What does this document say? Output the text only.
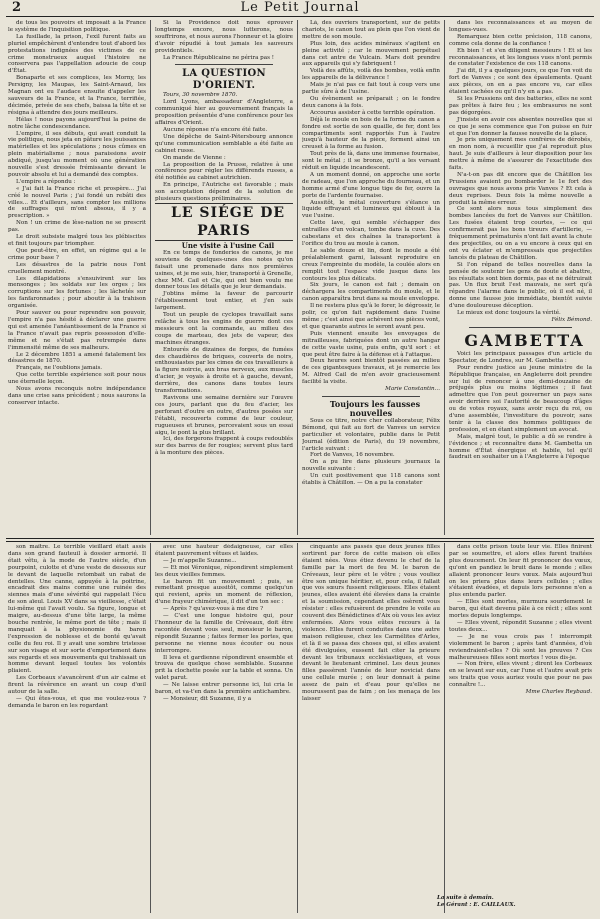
2	Le Petit Journal

de tous les pouvoirs et imposait à la France le système de l'inquisition politique.

La fusillade, la prison, l'exil furent faits au pluriel empêchèrent d'entendre tout d'abord les protestations indignées des victimes de ce crime monstrueux auquel l'histoire ne conservera pas l'appellation adoucie de coup d'État.

Bonaparte et ses complices, les Morny, les Persigny, les Maupas, les Saint-Arnaud, les Magnan ont eu l'audace ensuite d'appeler les sauveurs de la France, et la France, terrifiée, décimée, privée de ses chefs, baissa la tête et se résigna à attendre des jours meilleurs.

Hélas ! nous payons aujourd'hui la peine de notre lâche condescendance.

L'empire, il ses débuts, qui avait conduit la vie politique, nous jeta en pâture les jouissances matérielles et les spéculations ; nous cûmes en plein matérialisme ; nous paraissions avoir abdiqué, jusqu'au moment où une génération nouvelle s'est dressée frémissante devant le pouvoir absolu et lui a demandé des comptes.

L'empire a répondu :

« J'ai fait la France riche et prospère... J'ai créé le nouvel Paris ; j'ai fondé un rebâti des villes... Et d'ailleurs, sans compter les millions de suffrages qui m'ont absous, il y a prescription. »

Non ! un crime de lèse-nation ne se prescrit pas.

Le droit subsiste malgré tous les plébiscites et finit toujours par triompher.

Que peut-être, en effet, un régime qui a le crime pour base ?

Les désastres de la patrie nous l'ont cruellement montré.

Les dilapidations s'ensuivirent sur les mensonges ; les soldats sur les orges ; les corruptions sur les fortunes ; les lâchetés sur les fanfaronnades ; pour aboutir à la trahison organisée.

Pour sauver ou pour reprendre son pouvoir, l'empire n'a pas hésité à déclarer une guerre qui est amenée l'anéantissement de la France si la France n'avait pas repris possession d'elle-même et ne s'était pas retrempée dans l'immensité même de ses malheurs.

Le 2 décembre 1851 a amené fatalement les désastres de 1870.

Français, ne l'oublions jamais.

Que cette terrible expérience soit pour nous une éternelle leçon.

Nous avons reconquis notre indépendance dans une crise sans précédent ; nous saurons la conserver intacte.

Si la Providence doit nous éprouver longtemps encore, nous lutterons, nous souffrirons, et nous aurons l'honneur et la gloire d'avoir répudié à tout jamais les sauveurs providentiels.

La France Républicaine ne périra pas !

LA QUESTION D'ORIENT.

Tours, 30 novembre 1870.

Lord Lyons, ambassadeur d'Angleterre, a communiqué hier au gouvernement français la proposition présentée d'une conférence pour les affaires d'Orient.

Aucune réponse n'a encore été faite.

Une dépêche de Saint-Pétersbourg annonce qu'une communication semblable a été faite au cabinet russe.

On mande de Vienne :

La proposition de la Prusse, relative à une conférence pour régler les différends russes, a été notifiée au cabinet autrichien.

En principe, l'Autriche est favorable ; mais son acceptation dépend de la solution de plusieurs questions préliminaires.

LE SIÉGE DE PARIS

Une visite à l'usine Cail

En ce temps de fonderies de canons, je me souviens de quelques-unes des notes qu'on faisait une promenade dans nos premières usines, et je me suis, hier, transporté à Grenelle, chez MM. Cail et Cie, qui ont bien voulu me donner tous les détails que je leur demandais.

J'obtins même la faveur de parcourir l'établissement tout entier, et j'en sais largement.

Tout un peuple de cyclopes travaillait sans relâche à tous les engins de guerre dont ces messieurs ont la commande, au milieu des coups de marteau, des jets de vapeur, des machines étranges.

Entourés de dizaines de forges, de fumées des chaudières de briques, couverts de noirs, enthousiastes par les cimes de ces travailleurs à la figure noircie, aux bras nerveux, aux muscles d'acier, je voyais à droite et à gauche, devant, derrière, des canons dans toutes leurs transformations.

Ravivons une semaine dernière sur l'œuvre ces jours, parlant que du feu d'acier, les perforant d'outre en outre, d'autres posées sur l'établi, recouverts comme de leur couleur, rugueuses et brunes, percevaient sous un essai aigu, le pont la plus brillant.

Ici, des forgerons frappent à coups redoublés sur des barres de fer rougies; servent plus tard à la monture des pièces.

Là, des ouvriers transportent, sur de petits chariots, le canon tout au plein que l'on vient de mettre de son moule.

Plus loin, des acides minéraux s'agitent en pleine activité ; car le mouvement perpétuel dans cet antre de Vulcain. Mars doit prendre aux appareils qui s'y fabriquent !

Voilà des affûts, voilà des bombes, voilà enfin les appareils de la délivrance !

Mais je n'ai pas ce fait tout à coup vers une partie sûre à de l'usine.

Ou évènement se préparait ; on le fondre deux canons à la fois.

Accourus assister à cette terrible opération.

Déjà le moule en bois de la forme du canon a fondre est sortie de son quaille, de fer, dont les compartiments sont rapportés l'un à l'autre jusqu'à hauteur de la pièce, forment ainsi un creuset à la forme au fusion.

Tout près de là, dans une immense fournaise, sont le métal ; il se bronze, qu'il a les versant réduit en liquide incandescent.

A un moment donné, on approche une sorte de radeau, que l'on approche du fourneau, et un homme armé d'une longue tige de fer, ouvre la porte de l'ardente fournaise.

Aussitôt, le métal couverture s'élance un liquide effrayant et lumineux qui éblouit à la vue l'usine.

Cette lave, qui semble s'échapper des entrailles d'un volcan, tombe dans la cuve. Des cabestans et des chaînes la transportent à l'orifice du trou au moule à canon.

Le sable douze et lin, dont le moule a été préalablement garni, laissant reproduire en creux l'empreinte du modèle, la coulée alors en remplit tout l'espace vide jusque dans les contours les plus délicats.

Six jours, le canon est fait ; demain on déchargera les compartiments du moule, et le canon apparaîtra brut dans sa moule enveloppe.

Il ne restera plus qu'à le forer, le dégrossir, le polir, ce qu'on fait rapidement dans l'usine même ; c'est ainsi que achèvent nos pièces vont, et que quarante autres le seront avant peu.

Puis viennent ensuite les envoyages de mitrailleuses, fabriquées dont un autre hangar de cette vaste usine, puis enfin, qu'il sort : et que peut être faire à la défense et à l'attaque.

Deux heures sont bientôt passées au milieu de ces gigantesques travaux, et je remercie les M. Alfred Cail de m'en avoir gracieusement facilité la visite.

Marie Constantin...

Toujours les fausses nouvelles

Sous ce titre, notre cher collaborateur, Félix Bémond, qui fait au fort de Vanves un service particulier et volontaire, publie dans le Petit Journal (édition de Paris), du 19 novembre, l'article suivant :

Fort de Vanves, 16 novembre.

On a pu lire dans plusieurs journaux la nouvelle suivante :

Un cuit positivement que 118 canons sont établis à Châtillon. — On a pu la constater

dans les reconnaissances et au moyen de longues-vues.

Remarquez bien cette précision, 118 canons, comme cela donne de la confiance !

Eh bien ! et s'en diligent messieurs ! Et si les reconnaissances, et les longues vues n'ont permis de constater l'existence de ces 118 canons.

J'ai dit, il y a quelques jours, ce que l'on voit du fort de Vanves ; ce sont des épaulements. Quant aux pièces, on en a pas encore vu, car elles étaient cachées ou qu'il n'y en a pas.

Si les Prussiens ont des batteries, elles ne sont pas prêtes à faire feu ; les embrasures ne sont pas dégorgées.

J'insiste en avoir ces absentes nouvelles que si ce que je sens commence que l'on puisse en fuir et que l'on donner la fausse nouvelle de la place.

Je pris uniquement mes confrères de dérobés, en mon nom, à recueillir que j'ai reproduit plus haut. Je suis d'ailleurs à leur disposition pour les mettre à même de s'assurer de l'exactitude des faits.

N'a-t-on pas dit encore que de Châtillon les Prussiens avaient pu bombarder le 1e fort des ouvrages que nous avons pris Vanves ? Et cela à deux reprises. Deux fois la même nouvelle a produit la même erreur.

Ce sont alors nous tous simplement des bombes lancées du fort de Vanves sur Châtillon. Les fusées étaient trop courtes, — ce qui confirmerait pas les bons tireurs d'artillerie, — fréquemment prématurés n'ont fait avant la chute des projectiles, ou on a vu encore à ceux qui en ont vu éclater et m'empressais que projectiles lancés du plateau de Châtillon.

Si l'on répand de telles nouvelles dans la pensée de soutenir les gens de doute et abattre, les résultats sont bien dormis, pas et ne détruirait pas. Un flux bruit l'est mauvais, ne sert qu'à répandre l'alarme dans le public, où il est né, il donne une fausse joie immédiate, bientôt suivie d'une douloureuse déception.

Le mieux est donc toujours la vérité.

Félix Bémond.

GAMBETTA

Voici les principaux passages d'un article du Spectator, de Londres, sur M. Gambetta :

Pour rendre justice au jeune ministre de la République française, en Angleterre doit prendre sur lui de renoncer à une demi-douzaine de préjugés plus ou moins légitimes ; il faut admettre que l'on peut gouverner un pays sans avoir derrière soi l'autorité de beaucoup d'âges ou de votes royaux, sans avoir reçu du roi, ou d'une assemblée, l'investiture du pouvoir, sans tenir à la classe des hommes politiques de profession, et en étant simplement un avocat.

Mais, malgré tout, le public a dû se rendre à l'évidence ; et reconnaître dans M. Gambetta un homme d'État énergique et habile, tel qu'il faudrait en souhaiter un à l'Angleterre à l'époque

son maître. Le terrible vieillard était assis dans son grand fauteuil à dossier armorié. Il était vêtu, à la mode de l'autre siècle, d'un pourpoint, culotte et d'une veste de dessous sur le devant de laquelle retombait un rabat de dentelles. Une canne, appuyée à la poitrine, encadrait des mains comme une ruinée des siennes mais d'une sévérité qui rappelait l'écu de son aïeul. Louis XV dans sa vieillesse, c'était lui-même qui l'avait voulu. Sa figure, longue et maigre, au-dessus d'une tête large, la même bouche rentrée, le même port de tête ; mais il manquait à la physionomie du baron l'expression de noblesse et de bonté qu'avait celle du feu roi. Il y avait une sombre tristesse sur son visage et sur sorte d'emportement dans ses regards et ses mouvements qui trahissait un homme devant lequel toutes les volontés pliaient.

Les Corbeaux s'avancèrent d'un air calme et firent la révérence en avant un coup d'œil autour de la salle.

— Qui êtes-vous, et que me voulez-vous ? demanda le baron en les regardant

avec une hauteur dédaigneuse, car elles étaient pauvrement vêtues et laides.

— Je m'appelle Suzanne...

— Et moi Véronique, répondirent simplement les deux vieilles femmes.

Le baron fit un mouvement ; puis, se remettant presque aussitôt, comme quelqu'un qui revient, après un moment de réflexion, d'une frayeur chimérique, il dit d'un ton sec :

— Après ? qu'avez-vous à me dire ?

— C'est une longue histoire qui, pour l'honneur de la famille de Créveaux, doit être racontée devant vous seul, monsieur le baron, répondit Suzanne ; faites fermer les portes, que personne ne vienne nous écouter ou nous interrompre.

Il leva et gardienne répondirent ensemble et trouva de quelque chose semblable. Suzanne prit la clochette posée sur la table et sonna. Un valet parut.

— Ne laisse entrer personne ici, lui cria le baron, et va-t'en dans la première antichambre.

— Monsieur, dit Suzanne, il y a

cinquante ans passés que deux jeunes filles sortirent par force de cette maison où elles étaient nées. Vous étiez devenu le chef de la famille par la mort de feu M. le baron de Créveaux, leur père et le vôtre ; vous vouliez être son unique héritier, et, pour cela, il fallait que vos sœurs fussent religieuses. Elles étaient jeunes, elles avaient été élevées dans la crainte et la soumission, cependant elles osèrent vous résister : elles refusèrent de prendre le voile au couvent des Bénédictines d'Aix où vous les aviez enfermées. Alors vous eûtes recours à la violence. Elles furent conduites dans une autre maison religieuse, chez les Carmélites d'Arles, et là il se passa des choses qui, si elles avaient été divulguées, eussent fait citer la prieure devant les tribunaux ecclésiastiques, et vous devant le lieutenant criminel. Les deux jeunes filles passèrent l'année de leur noviciat dans une cellule murée ; on leur donnait à peine assez de pain et d'eau pour qu'elles ne mourussent pas de faim ; on les menaça de les laisser

dans cette prison toute leur vie. Elles finirent par se soumettre, et alors elles furent traitées plus doucement. On leur fit prononcer des vœux, qu'ont en pandiez le bruit dans le monde ; elles allaient prononcer leurs vœux. Mais aujourd'hui on les priera plus dans leurs cellules ; elles s'étaient évadées, et depuis lors personne n'en a plus entendu parler.

— Elles sont mortes, murmura sourdement le baron, qui était devenu pâle à ce récit ; elles sont mortes depuis longtemps.

— Elles vivent, répondit Suzanne ; elles vivent toutes deux...

— Je ne vous crois pas ! interrompit violemment le baron ; après tant d'années, d'où reviendraient-elles ? Où sont les preuves ? Ces malheureuses filles sont mortes ! vous dis-je.

— Non frère, elles vivent ; dirent les Corbeaux en se levant sur eux, car l'une et l'autre avait pris ses traits que vous auriez voulu que pour ne pas connaître !...

Mme Charles Reybaud.

La suite à demain.
Le Gérant : E. CAILLAUX.
